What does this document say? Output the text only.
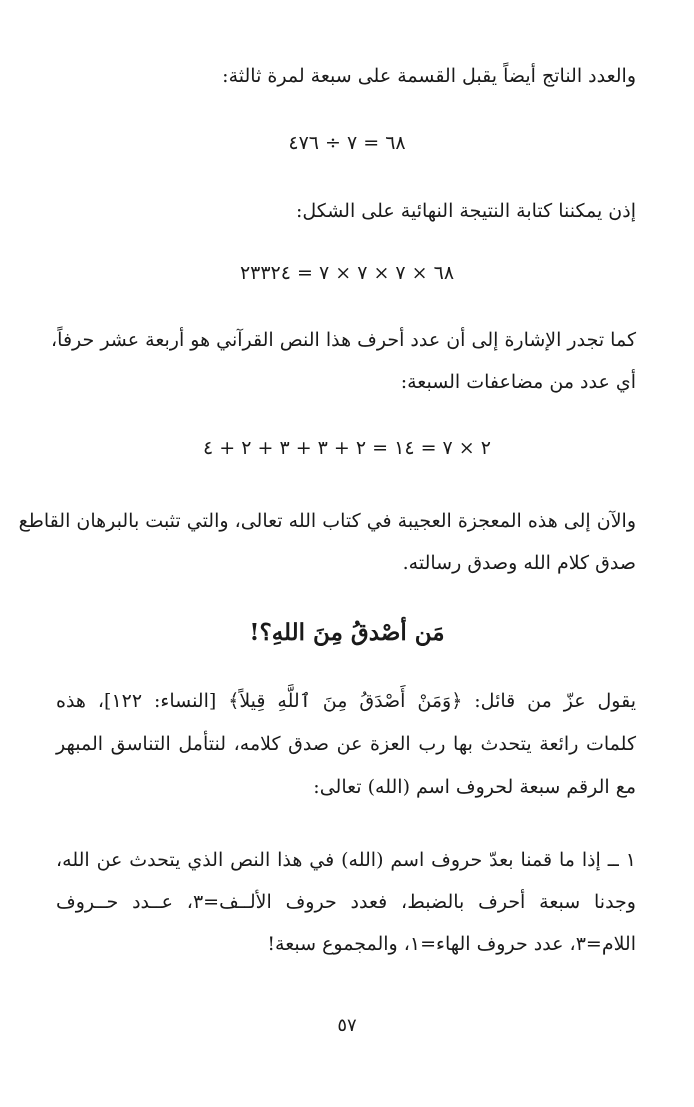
والعدد الناتج أيضاً يقبل القسمة على سبعة لمرة ثالثة:
٦٨ = ٧ ÷ ٤٧٦
إذن يمكننا كتابة النتيجة النهائية على الشكل:
٦٨ × ٧ × ٧ × ٧ = ٢٣٣٢٤
كما تجدر الإشارة إلى أن عدد أحرف هذا النص القرآني هو أربعة عشر حرفاً،
أي عدد من مضاعفات السبعة:
٢ × ٧ = ١٤ = ٢ + ٣ + ٣ + ٢ + ٤
والآن إلى هذه المعجزة العجيبة في كتاب الله تعالى، والتي تثبت بالبرهان القاطع
صدق كلام الله وصدق رسالته.
مَن أصْدقُ مِنَ اللهِ؟!
يقول عزّ من قائل: ﴿وَمَنْ أَصْدَقُ مِنَ ٱللَّهِ قِيلاً﴾ [النساء: ١٢٢]، هذه
كلمات رائعة يتحدث بها رب العزة عن صدق كلامه، لنتأمل التناسق المبهر
مع الرقم سبعة لحروف اسم (الله) تعالى:
١ ــ إذا ما قمنا بعدّ حروف اسم (الله) في هذا النص الذي يتحدث عن الله،
وجدنا سبعة أحرف بالضبط، فعدد حروف الألــف=٣، عــدد حــروف
اللام=٣، عدد حروف الهاء=١، والمجموع سبعة!
٥٧
